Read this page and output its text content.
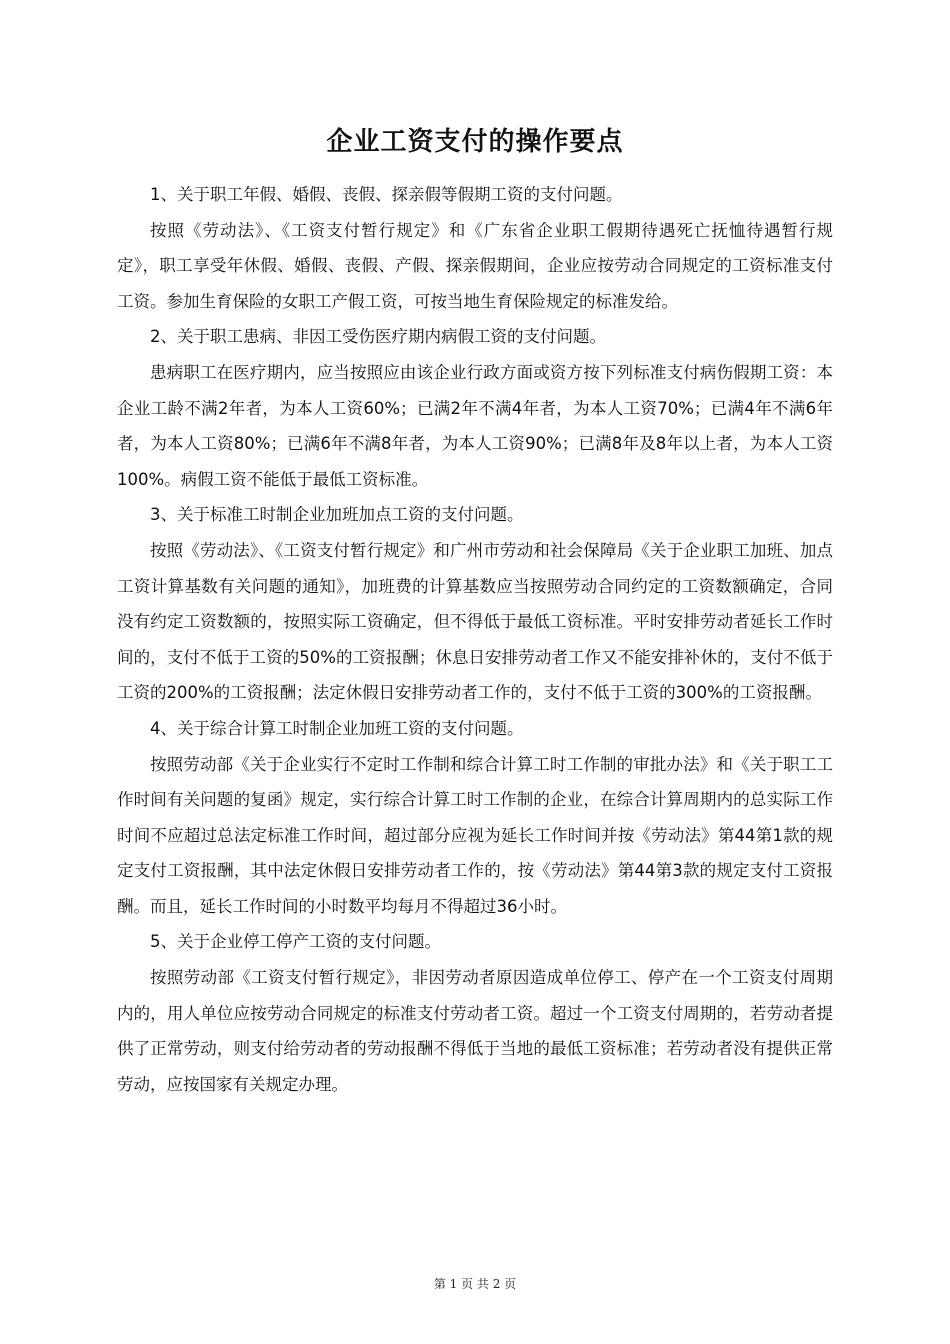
企业工资支付的操作要点

1、关于职工年假、婚假、丧假、探亲假等假期工资的支付问题。

按照《劳动法》、《工资支付暂行规定》和《广东省企业职工假期待遇死亡抚恤待遇暂行规定》，职工享受年休假、婚假、丧假、产假、探亲假期间，企业应按劳动合同规定的工资标准支付工资。参加生育保险的女职工产假工资，可按当地生育保险规定的标准发给。

2、关于职工患病、非因工受伤医疗期内病假工资的支付问题。

患病职工在医疗期内，应当按照应由该企业行政方面或资方按下列标准支付病伤假期工资：本企业工龄不满2年者，为本人工资60%；已满2年不满4年者，为本人工资70%；已满4年不满6年者，为本人工资80%；已满6年不满8年者，为本人工资90%；已满8年及8年以上者，为本人工资100%。病假工资不能低于最低工资标准。

3、关于标准工时制企业加班加点工资的支付问题。

按照《劳动法》、《工资支付暂行规定》和广州市劳动和社会保障局《关于企业职工加班、加点工资计算基数有关问题的通知》，加班费的计算基数应当按照劳动合同约定的工资数额确定，合同没有约定工资数额的，按照实际工资确定，但不得低于最低工资标准。平时安排劳动者延长工作时间的，支付不低于工资的50%的工资报酬；休息日安排劳动者工作又不能安排补休的，支付不低于工资的200%的工资报酬；法定休假日安排劳动者工作的，支付不低于工资的300%的工资报酬。

4、关于综合计算工时制企业加班工资的支付问题。

按照劳动部《关于企业实行不定时工作制和综合计算工时工作制的审批办法》和《关于职工工作时间有关问题的复函》规定，实行综合计算工时工作制的企业，在综合计算周期内的总实际工作时间不应超过总法定标准工作时间，超过部分应视为延长工作时间并按《劳动法》第44第1款的规定支付工资报酬，其中法定休假日安排劳动者工作的，按《劳动法》第44第3款的规定支付工资报酬。而且，延长工作时间的小时数平均每月不得超过36小时。

5、关于企业停工停产工资的支付问题。

按照劳动部《工资支付暂行规定》，非因劳动者原因造成单位停工、停产在一个工资支付周期内的，用人单位应按劳动合同规定的标准支付劳动者工资。超过一个工资支付周期的，若劳动者提供了正常劳动，则支付给劳动者的劳动报酬不得低于当地的最低工资标准；若劳动者没有提供正常劳动，应按国家有关规定办理。

第 1 页 共 2 页
